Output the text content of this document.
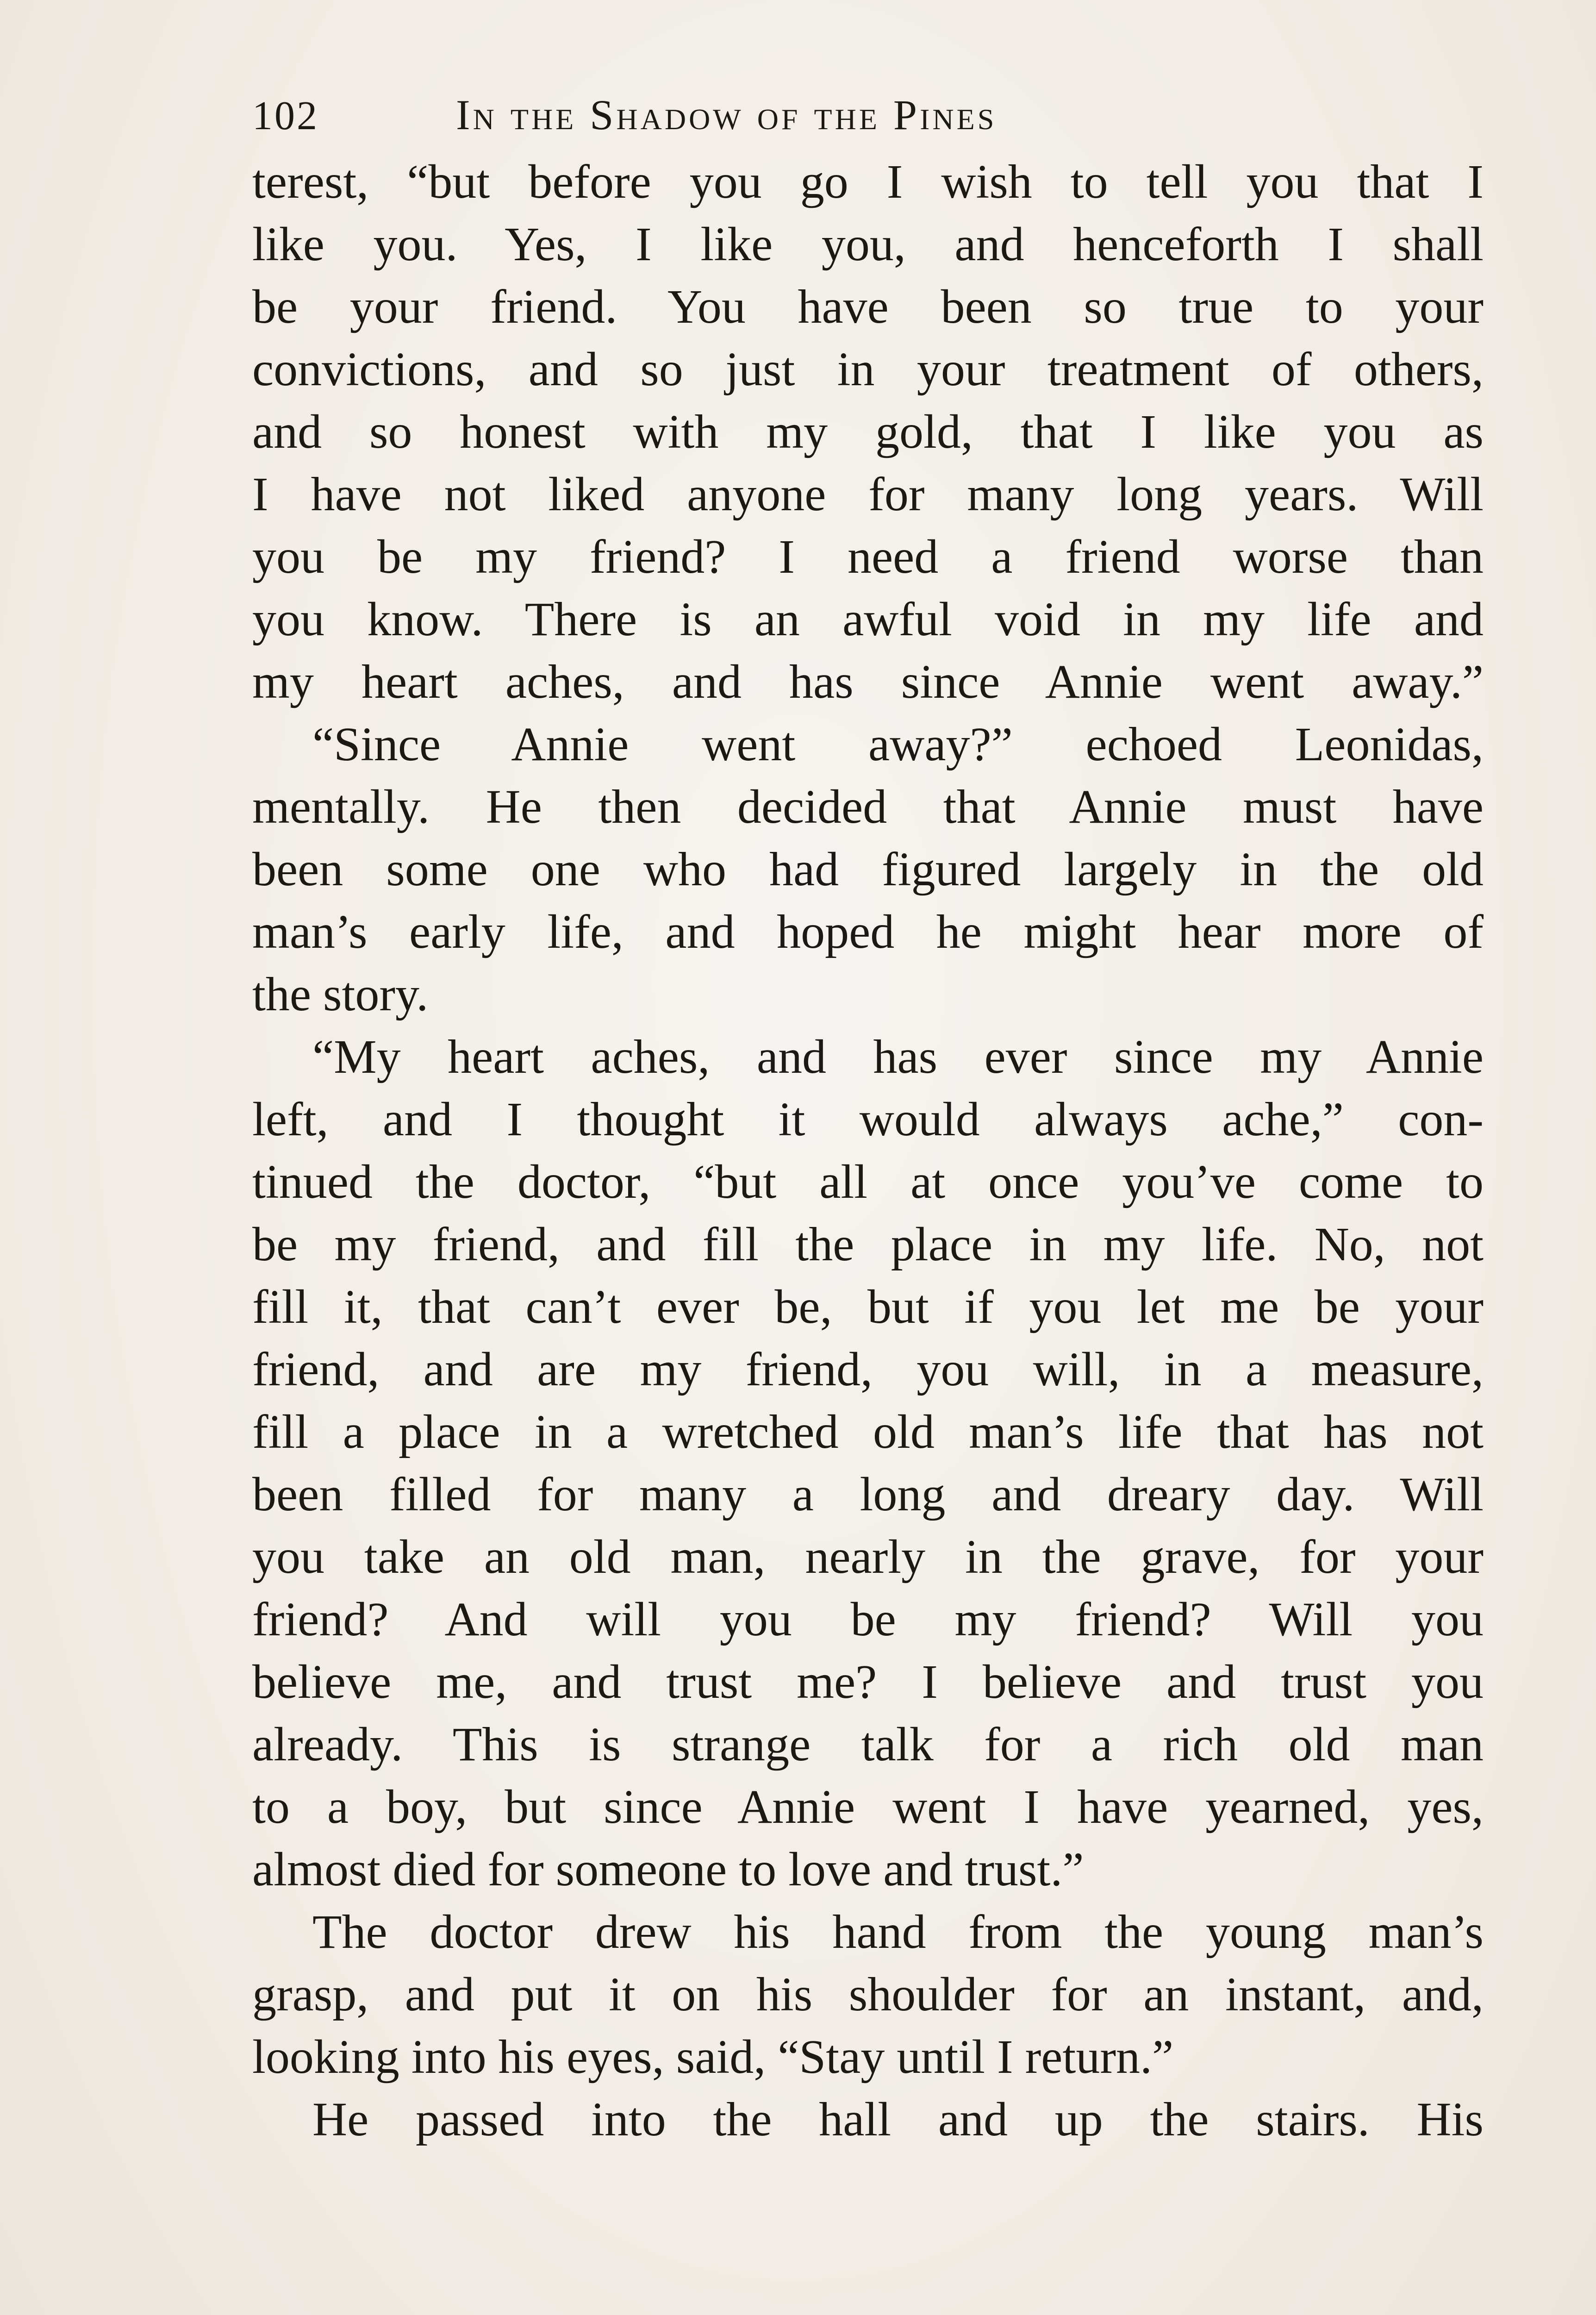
102	In the Shadow of the Pines
terest, “but before you go I wish to tell you that I
like you. Yes, I like you, and henceforth I shall
be your friend. You have been so true to your
convictions, and so just in your treatment of others,
and so honest with my gold, that I like you as
I have not liked anyone for many long years. Will
you be my friend? I need a friend worse than
you know. There is an awful void in my life and
my heart aches, and has since Annie went away.”
“Since Annie went away?” echoed Leonidas,
mentally. He then decided that Annie must have
been some one who had figured largely in the old
man’s early life, and hoped he might hear more of
the story.
“My heart aches, and has ever since my Annie
left, and I thought it would always ache,” con-
tinued the doctor, “but all at once you’ve come to
be my friend, and fill the place in my life. No, not
fill it, that can’t ever be, but if you let me be your
friend, and are my friend, you will, in a measure,
fill a place in a wretched old man’s life that has not
been filled for many a long and dreary day. Will
you take an old man, nearly in the grave, for your
friend? And will you be my friend? Will you
believe me, and trust me? I believe and trust you
already. This is strange talk for a rich old man
to a boy, but since Annie went I have yearned, yes,
almost died for someone to love and trust.”
The doctor drew his hand from the young man’s
grasp, and put it on his shoulder for an instant, and,
looking into his eyes, said, “Stay until I return.”
He passed into the hall and up the stairs. His
